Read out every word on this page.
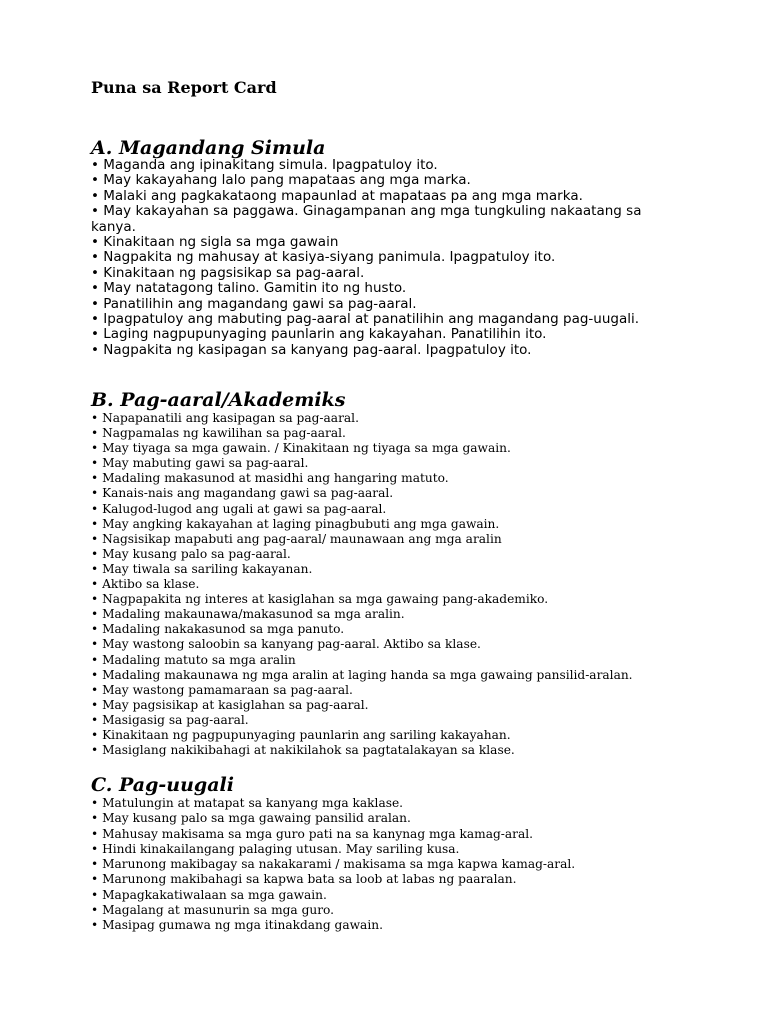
Puna sa Report Card
A. Magandang Simula
• Maganda ang ipinakitang simula. Ipagpatuloy ito.
• May kakayahang lalo pang mapataas ang mga marka.
• Malaki ang pagkakataong mapaunlad at mapataas pa ang mga marka.
• May kakayahan sa paggawa. Ginagampanan ang mga tungkuling nakaatang sa kanya.
• Kinakitaan ng sigla sa mga gawain
• Nagpakita ng mahusay at kasiya-siyang panimula. Ipagpatuloy ito.
• Kinakitaan ng pagsisikap sa pag-aaral.
• May natatagong talino. Gamitin ito ng husto.
• Panatilihin ang magandang gawi sa pag-aaral.
• Ipagpatuloy ang mabuting pag-aaral at panatilihin ang magandang pag-uugali.
• Laging nagpupunyaging paunlarin ang kakayahan. Panatilihin ito.
• Nagpakita ng kasipagan sa kanyang pag-aaral. Ipagpatuloy ito.
B. Pag-aaral/Akademiks
• Napapanatili ang kasipagan sa pag-aaral.
• Nagpamalas ng kawilihan sa pag-aaral.
• May tiyaga sa mga gawain. / Kinakitaan ng tiyaga sa mga gawain.
• May mabuting gawi sa pag-aaral.
• Madaling makasunod at masidhi ang hangaring matuto.
• Kanais-nais ang magandang gawi sa pag-aaral.
• Kalugod-lugod ang ugali at gawi sa pag-aaral.
• May angking kakayahan at laging pinagbubuti ang mga gawain.
• Nagsisikap mapabuti ang pag-aaral/ maunawaan ang mga aralin
• May kusang palo sa pag-aaral.
• May tiwala sa sariling kakayanan.
• Aktibo sa klase.
• Nagpapakita ng interes at kasiglahan sa mga gawaing pang-akademiko.
• Madaling makaunawa/makasunod sa mga aralin.
• Madaling nakakasunod sa mga panuto.
• May wastong saloobin sa kanyang pag-aaral. Aktibo sa klase.
• Madaling matuto sa mga aralin
• Madaling makaunawa ng mga aralin at laging handa sa mga gawaing pansilid-aralan.
• May wastong pamamaraan sa pag-aaral.
• May pagsisikap at kasiglahan sa pag-aaral.
• Masigasig sa pag-aaral.
• Kinakitaan ng pagpupunyaging paunlarin ang sariling kakayahan.
• Masiglang nakikibahagi at nakikilahok sa pagtatalakayan sa klase.
C. Pag-uugali
• Matulungin at matapat sa kanyang mga kaklase.
• May kusang palo sa mga gawaing pansilid aralan.
• Mahusay makisama sa mga guro pati na sa kanynag mga kamag-aral.
• Hindi kinakailangang palaging utusan. May sariling kusa.
• Marunong makibagay sa nakakarami / makisama sa mga kapwa kamag-aral.
• Marunong makibahagi sa kapwa bata sa loob at labas ng paaralan.
• Mapagkakatiwalaan sa mga gawain.
• Magalang at masunurin sa mga guro.
• Masipag gumawa ng mga itinakdang gawain.
